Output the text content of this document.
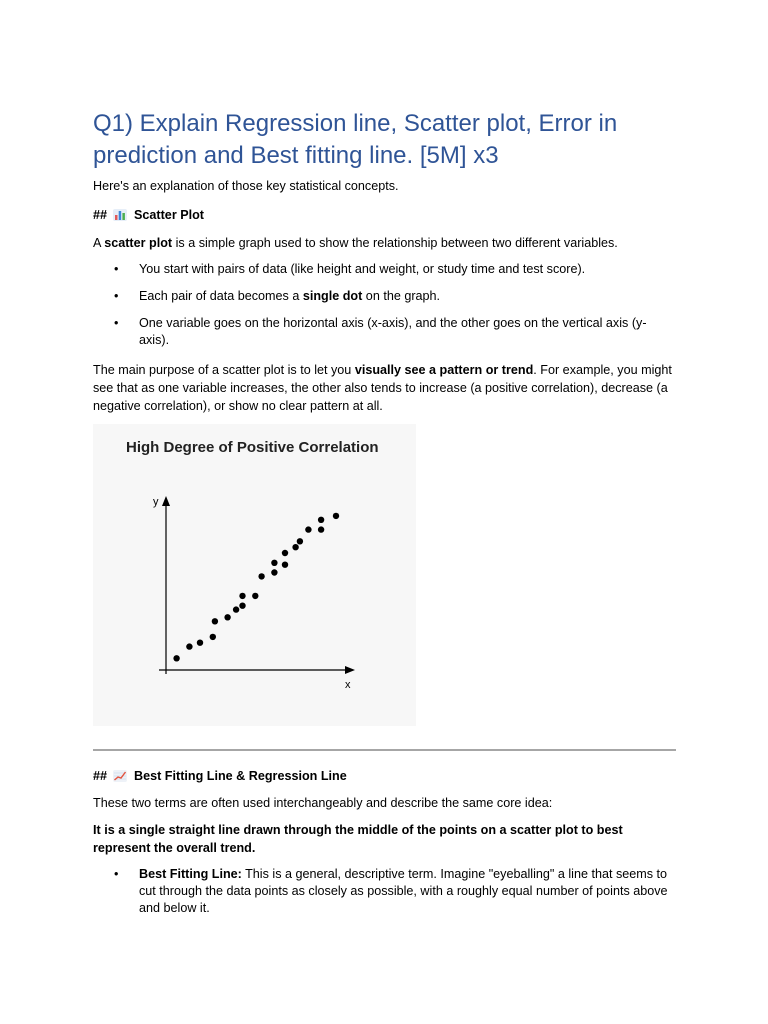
Q1) Explain Regression line, Scatter plot, Error in prediction and Best fitting line. [5M] x3

Here's an explanation of those key statistical concepts.

## Scatter Plot

A scatter plot is a simple graph used to show the relationship between two different variables.

• You start with pairs of data (like height and weight, or study time and test score).
• Each pair of data becomes a single dot on the graph.
• One variable goes on the horizontal axis (x-axis), and the other goes on the vertical axis (y-axis).

The main purpose of a scatter plot is to let you visually see a pattern or trend. For example, you might see that as one variable increases, the other also tends to increase (a positive correlation), decrease (a negative correlation), or show no clear pattern at all.

High Degree of Positive Correlation
y
x

## Best Fitting Line & Regression Line

These two terms are often used interchangeably and describe the same core idea:

It is a single straight line drawn through the middle of the points on a scatter plot to best represent the overall trend.

• Best Fitting Line: This is a general, descriptive term. Imagine "eyeballing" a line that seems to cut through the data points as closely as possible, with a roughly equal number of points above and below it.
